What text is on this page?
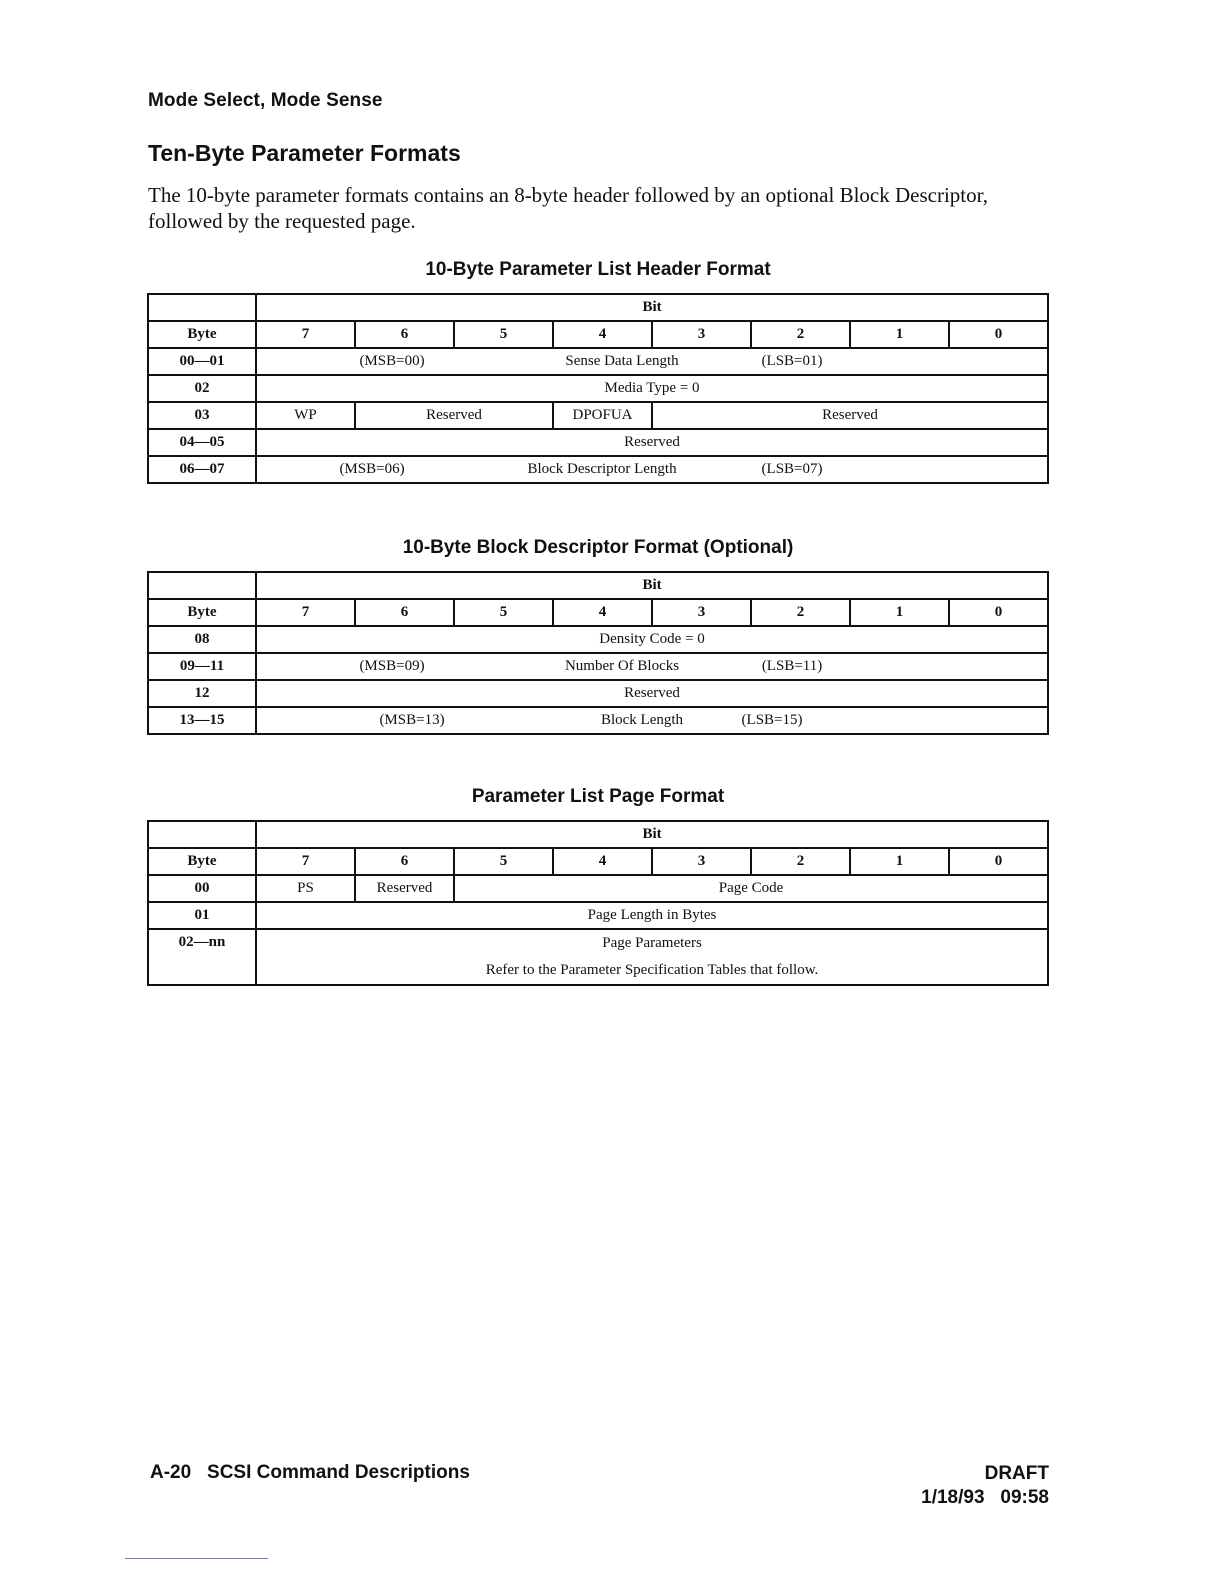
Mode Select, Mode Sense
Ten-Byte Parameter Formats
The 10-byte parameter formats contains an 8-byte header followed by an optional Block Descriptor, followed by the requested page.
10-Byte Parameter List Header Format
	Bit							
Byte	7	6	5	4	3	2	1	0
00—01	(MSB=00) Sense Data Length (LSB=01)							
02	Media Type = 0							
03	WP	Reserved		DPOFUA	Reserved			
04—05	Reserved							
06—07	(MSB=06) Block Descriptor Length (LSB=07)							
10-Byte Block Descriptor Format (Optional)
	Bit							
Byte	7	6	5	4	3	2	1	0
08	Density Code = 0							
09—11	(MSB=09) Number Of Blocks (LSB=11)							
12	Reserved							
13—15	(MSB=13) Block Length (LSB=15)							
Parameter List Page Format
	Bit							
Byte	7	6	5	4	3	2	1	0
00	PS	Reserved	Page Code					
01	Page Length in Bytes							
02—nn	Page Parameters
Refer to the Parameter Specification Tables that follow.							
A-20   SCSI Command Descriptions	DRAFT
1/18/93 09:58
